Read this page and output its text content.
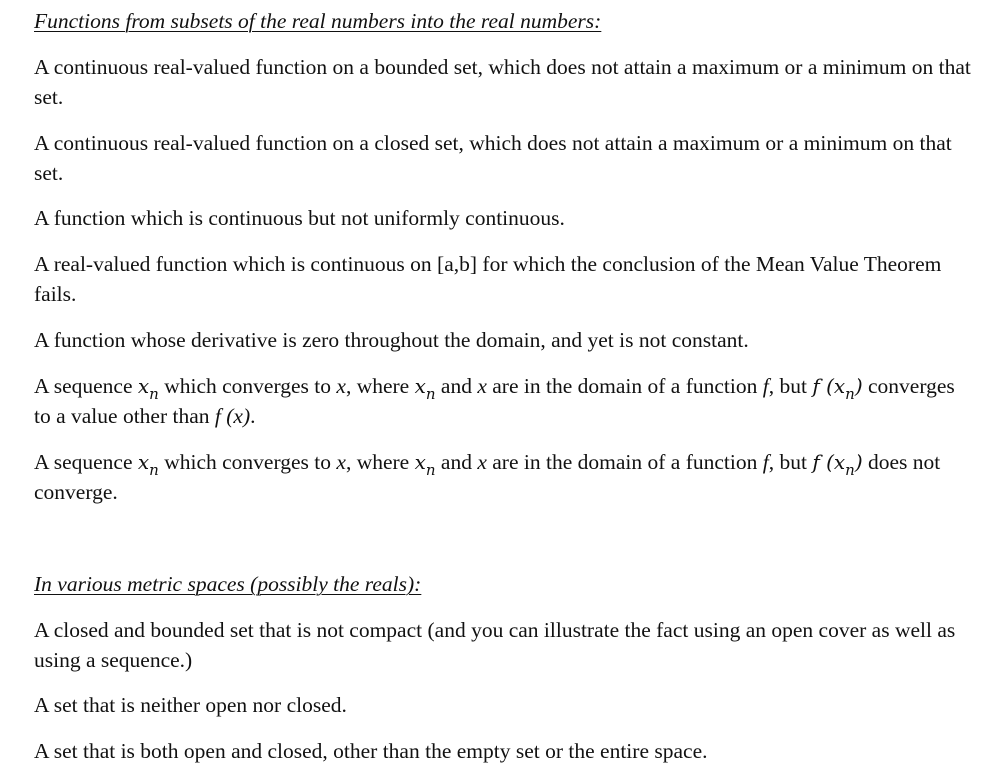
Functions from subsets of the real numbers into the real numbers:

A continuous real-valued function on a bounded set, which does not attain a maximum or a minimum on that set.

A continuous real-valued function on a closed set, which does not attain a maximum or a minimum on that set.

A function which is continuous but not uniformly continuous.

A real-valued function which is continuous on [a,b] for which the conclusion of the Mean Value Theorem fails.

A function whose derivative is zero throughout the domain, and yet is not constant.

A sequence $x_n$ which converges to x, where $x_n$ and x are in the domain of a function f, but f $(x_n)$ converges to a value other than f (x).

A sequence $x_n$ which converges to x, where $x_n$ and x are in the domain of a function f, but f $(x_n)$ does not converge.

In various metric spaces (possibly the reals):

A closed and bounded set that is not compact (and you can illustrate the fact using an open cover as well as using a sequence.)

A set that is neither open nor closed.

A set that is both open and closed, other than the empty set or the entire space.
